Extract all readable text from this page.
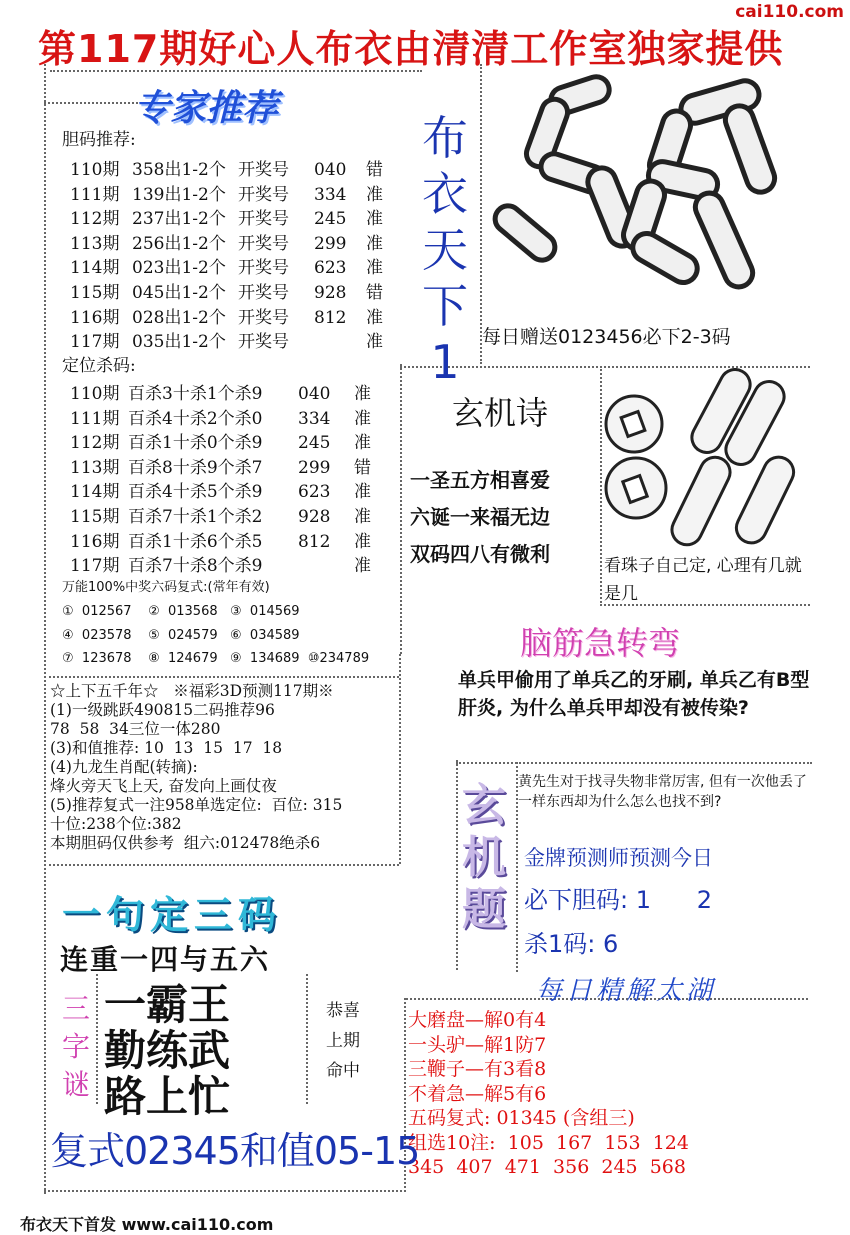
第117期好心人布衣由清清工作室独家提供
cai110.com
专家推荐
胆码推荐:
110期 358出1-2个 开奖号	040	错
111期 139出1-2个 开奖号	334	准
112期 237出1-2个 开奖号	245	准
113期 256出1-2个 开奖号	299	准
114期 023出1-2个 开奖号	623	准
115期 045出1-2个 开奖号	928	错
116期 028出1-2个 开奖号	812	准
117期 035出1-2个 开奖号	准
定位杀码:
110期 百杀3十杀1个杀9	040	准
111期 百杀4十杀2个杀0	334	准
112期 百杀1十杀0个杀9	245	准
113期 百杀8十杀9个杀7	299	错
114期 百杀4十杀5个杀9	623	准
115期 百杀7十杀1个杀2	928	准
116期 百杀1十杀6个杀5	812	准
117期 百杀7十杀8个杀9	准
万能100%中奖六码复式:(常年有效)
①  012567    ②  013568   ③  014569
④  023578    ⑤  024579   ⑥  034589
⑦  123678    ⑧  124679   ⑨  134689  ⑩234789
☆上下五千年☆   ※福彩3D预测117期※
(1)一级跳跃490815二码推荐96
78  58  34三位一体280
(3)和值推荐: 10  13  15  17  18
(4)九龙生肖配(转摘):
烽火旁天飞上天, 奋发向上画仗夜
(5)推荐复式一注958单选定位:  百位: 315
十位:238个位:382
本期胆码仅供参考  组六:012478绝杀6
布
衣
天
下
1	每日赠送0123456必下2-3码
玄机诗
一圣五方相喜爱
六诞一来福无边
双码四八有微利	看珠子自己定, 心理有几就是几
脑筋急转弯
单兵甲偷用了单兵乙的牙刷, 单兵乙有B型肝炎, 为什么单兵甲却没有被传染?
玄
机
题
黄先生对于找寻失物非常厉害, 但有一次他丢了一样东西却为什么怎么也找不到?
金牌预测师预测今日
必下胆码: 1      2
杀1码: 6
每日精解太湖
大磨盘—解0有4
一头驴—解1防7
三鞭子—有3看8
不着急—解5有6
五码复式: 01345 (含组三)
组选10注:  105  167  153  124
345  407  471  356  245  568
一句定三码
连重一四与五六
三
字
谜
一霸王
勤练武
路上忙
恭喜
上期
命中
复式02345和值05-15
布衣天下首发 www.cai110.com
